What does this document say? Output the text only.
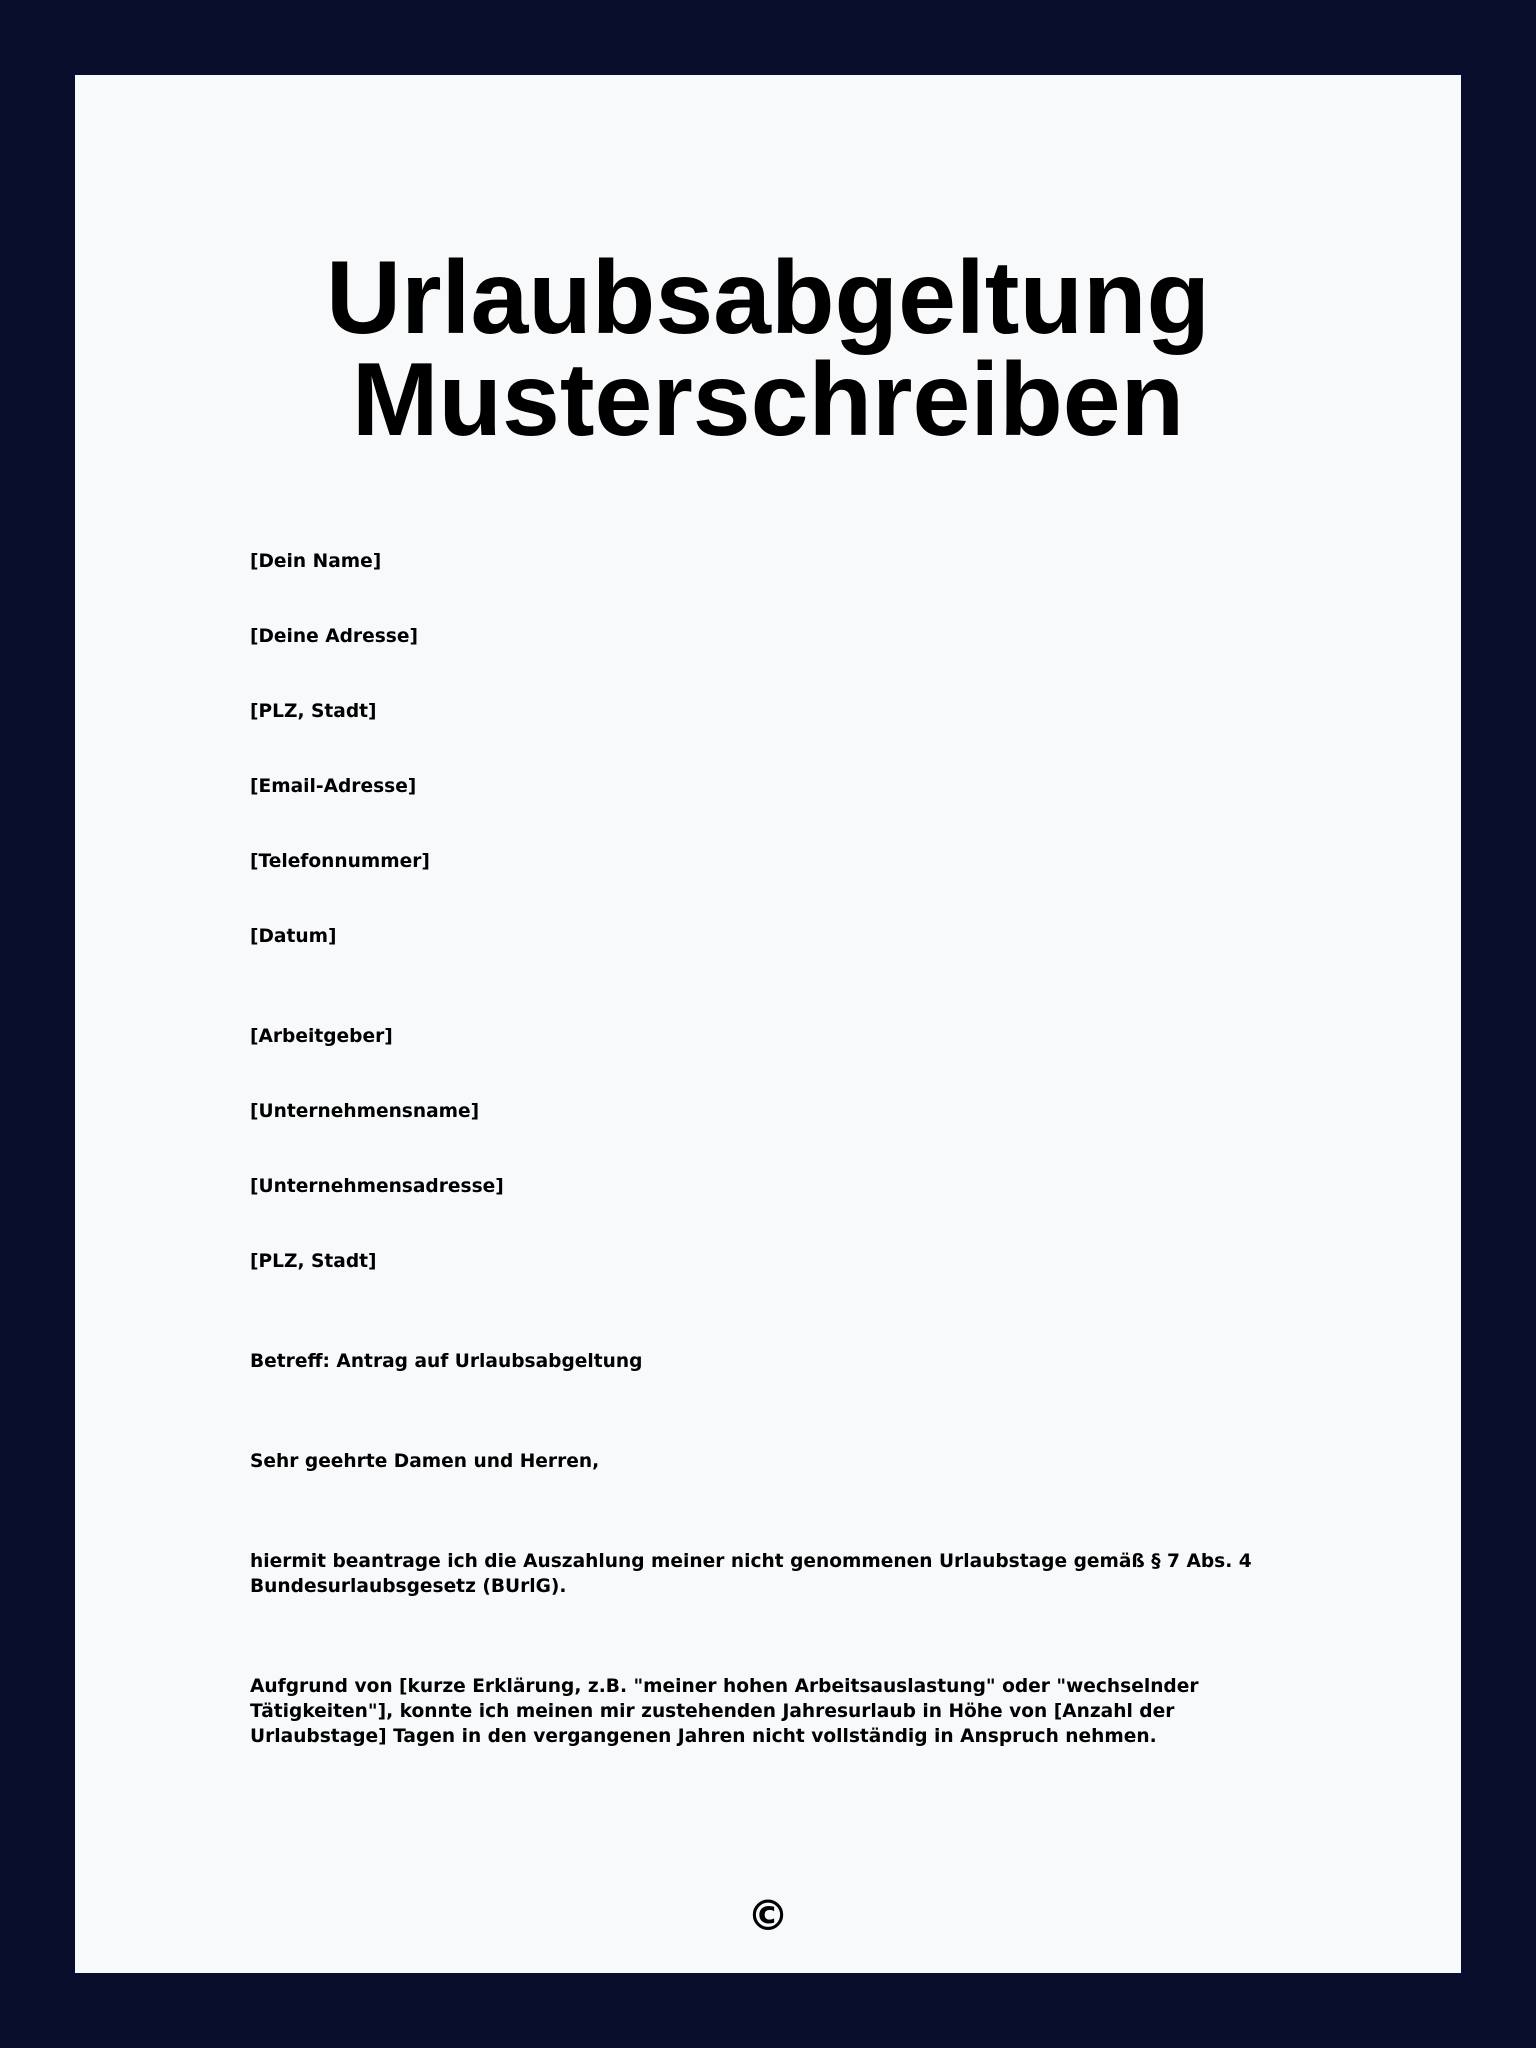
Urlaubsabgeltung
Musterschreiben

[Dein Name]

[Deine Adresse]

[PLZ, Stadt]

[Email-Adresse]

[Telefonnummer]

[Datum]

[Arbeitgeber]

[Unternehmensname]

[Unternehmensadresse]

[PLZ, Stadt]

Betreff: Antrag auf Urlaubsabgeltung

Sehr geehrte Damen und Herren,

hiermit beantrage ich die Auszahlung meiner nicht genommenen Urlaubstage gemäß § 7 Abs. 4 Bundesurlaubsgesetz (BUrlG).

Aufgrund von [kurze Erklärung, z.B. "meiner hohen Arbeitsauslastung" oder "wechselnder Tätigkeiten"], konnte ich meinen mir zustehenden Jahresurlaub in Höhe von [Anzahl der Urlaubstage] Tagen in den vergangenen Jahren nicht vollständig in Anspruch nehmen.

©
